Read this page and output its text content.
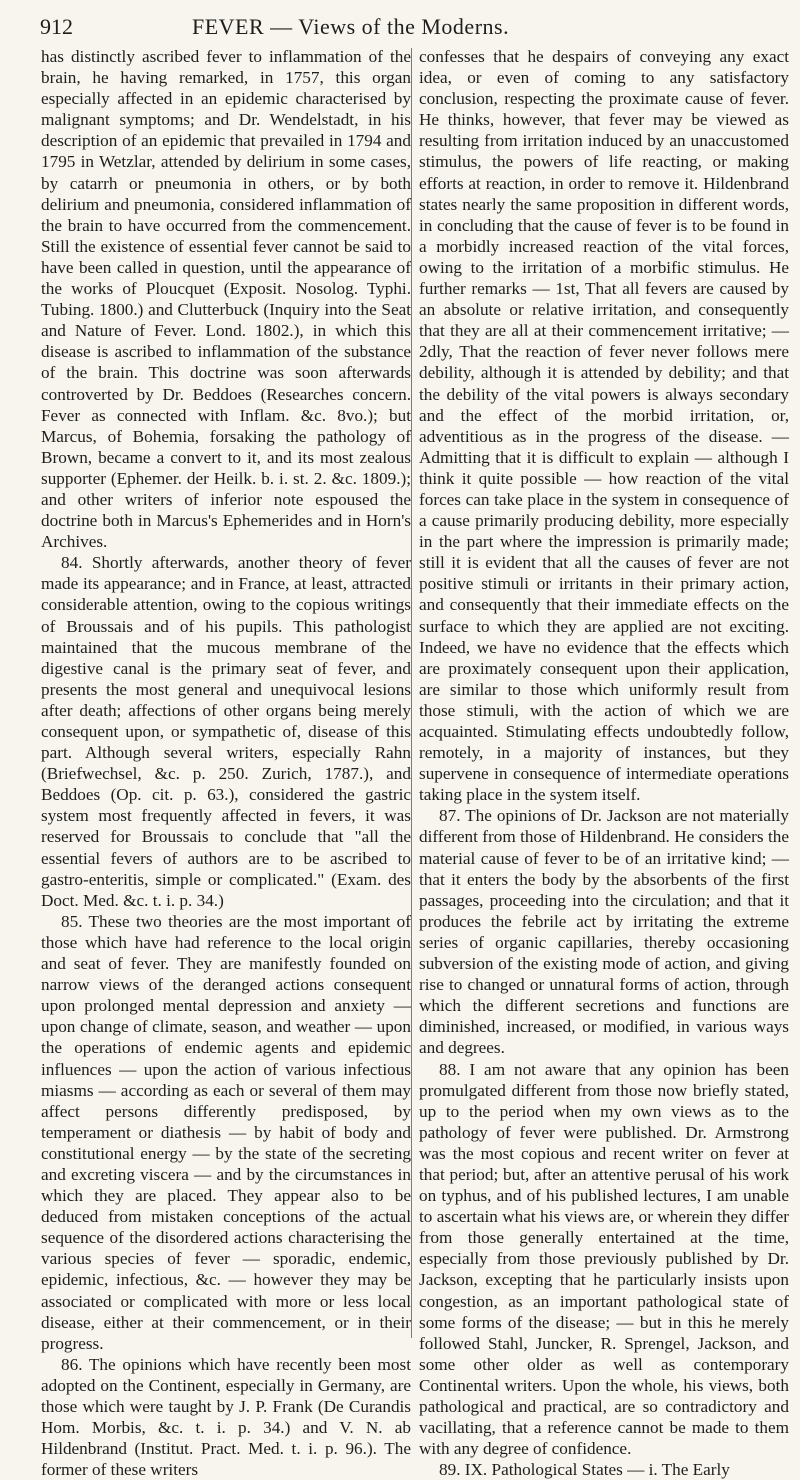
912	FEVER — Views of the Moderns.

has distinctly ascribed fever to inflammation of the brain, he having remarked, in 1757, this organ especially affected in an epidemic characterised by malignant symptoms; and Dr. Wendelstadt, in his description of an epidemic that prevailed in 1794 and 1795 in Wetzlar, attended by delirium in some cases, by catarrh or pneumonia in others, or by both delirium and pneumonia, considered inflammation of the brain to have occurred from the commencement. Still the existence of essential fever cannot be said to have been called in question, until the appearance of the works of Ploucquet (Exposit. Nosolog. Typhi. Tubing. 1800.) and Clutterbuck (Inquiry into the Seat and Nature of Fever. Lond. 1802.), in which this disease is ascribed to inflammation of the substance of the brain. This doctrine was soon afterwards controverted by Dr. Beddoes (Researches concern. Fever as connected with Inflam. &c. 8vo.); but Marcus, of Bohemia, forsaking the pathology of Brown, became a convert to it, and its most zealous supporter (Ephemer. der Heilk. b. i. st. 2. &c. 1809.); and other writers of inferior note espoused the doctrine both in Marcus's Ephemerides and in Horn's Archives.

84. Shortly afterwards, another theory of fever made its appearance; and in France, at least, attracted considerable attention, owing to the copious writings of Broussais and of his pupils. This pathologist maintained that the mucous membrane of the digestive canal is the primary seat of fever, and presents the most general and unequivocal lesions after death; affections of other organs being merely consequent upon, or sympathetic of, disease of this part. Although several writers, especially Rahn (Briefwechsel, &c. p. 250. Zurich, 1787.), and Beddoes (Op. cit. p. 63.), considered the gastric system most frequently affected in fevers, it was reserved for Broussais to conclude that "all the essential fevers of authors are to be ascribed to gastro-enteritis, simple or complicated." (Exam. des Doct. Med. &c. t. i. p. 34.)

85. These two theories are the most important of those which have had reference to the local origin and seat of fever. They are manifestly founded on narrow views of the deranged actions consequent upon prolonged mental depression and anxiety — upon change of climate, season, and weather — upon the operations of endemic agents and epidemic influences — upon the action of various infectious miasms — according as each or several of them may affect persons differently predisposed, by temperament or diathesis — by habit of body and constitutional energy — by the state of the secreting and excreting viscera — and by the circumstances in which they are placed. They appear also to be deduced from mistaken conceptions of the actual sequence of the disordered actions characterising the various species of fever — sporadic, endemic, epidemic, infectious, &c. — however they may be associated or complicated with more or less local disease, either at their commencement, or in their progress.

86. The opinions which have recently been most adopted on the Continent, especially in Germany, are those which were taught by J. P. Frank (De Curandis Hom. Morbis, &c. t. i. p. 34.) and V. N. ab Hildenbrand (Institut. Pract. Med. t. i. p. 96.). The former of these writers

confesses that he despairs of conveying any exact idea, or even of coming to any satisfactory conclusion, respecting the proximate cause of fever. He thinks, however, that fever may be viewed as resulting from irritation induced by an unaccustomed stimulus, the powers of life reacting, or making efforts at reaction, in order to remove it. Hildenbrand states nearly the same proposition in different words, in concluding that the cause of fever is to be found in a morbidly increased reaction of the vital forces, owing to the irritation of a morbific stimulus. He further remarks — 1st, That all fevers are caused by an absolute or relative irritation, and consequently that they are all at their commencement irritative; — 2dly, That the reaction of fever never follows mere debility, although it is attended by debility; and that the debility of the vital powers is always secondary and the effect of the morbid irritation, or, adventitious as in the progress of the disease. — Admitting that it is difficult to explain — although I think it quite possible — how reaction of the vital forces can take place in the system in consequence of a cause primarily producing debility, more especially in the part where the impression is primarily made; still it is evident that all the causes of fever are not positive stimuli or irritants in their primary action, and consequently that their immediate effects on the surface to which they are applied are not exciting. Indeed, we have no evidence that the effects which are proximately consequent upon their application, are similar to those which uniformly result from those stimuli, with the action of which we are acquainted. Stimulating effects undoubtedly follow, remotely, in a majority of instances, but they supervene in consequence of intermediate operations taking place in the system itself.

87. The opinions of Dr. Jackson are not materially different from those of Hildenbrand. He considers the material cause of fever to be of an irritative kind; — that it enters the body by the absorbents of the first passages, proceeding into the circulation; and that it produces the febrile act by irritating the extreme series of organic capillaries, thereby occasioning subversion of the existing mode of action, and giving rise to changed or unnatural forms of action, through which the different secretions and functions are diminished, increased, or modified, in various ways and degrees.

88. I am not aware that any opinion has been promulgated different from those now briefly stated, up to the period when my own views as to the pathology of fever were published. Dr. Armstrong was the most copious and recent writer on fever at that period; but, after an attentive perusal of his work on typhus, and of his published lectures, I am unable to ascertain what his views are, or wherein they differ from those generally entertained at the time, especially from those previously published by Dr. Jackson, excepting that he particularly insists upon congestion, as an important pathological state of some forms of the disease; — but in this he merely followed Stahl, Juncker, R. Sprengel, Jackson, and some other older as well as contemporary Continental writers. Upon the whole, his views, both pathological and practical, are so contradictory and vacillating, that a reference cannot be made to them with any degree of confidence.

89. IX. Pathological States — i. The Early
